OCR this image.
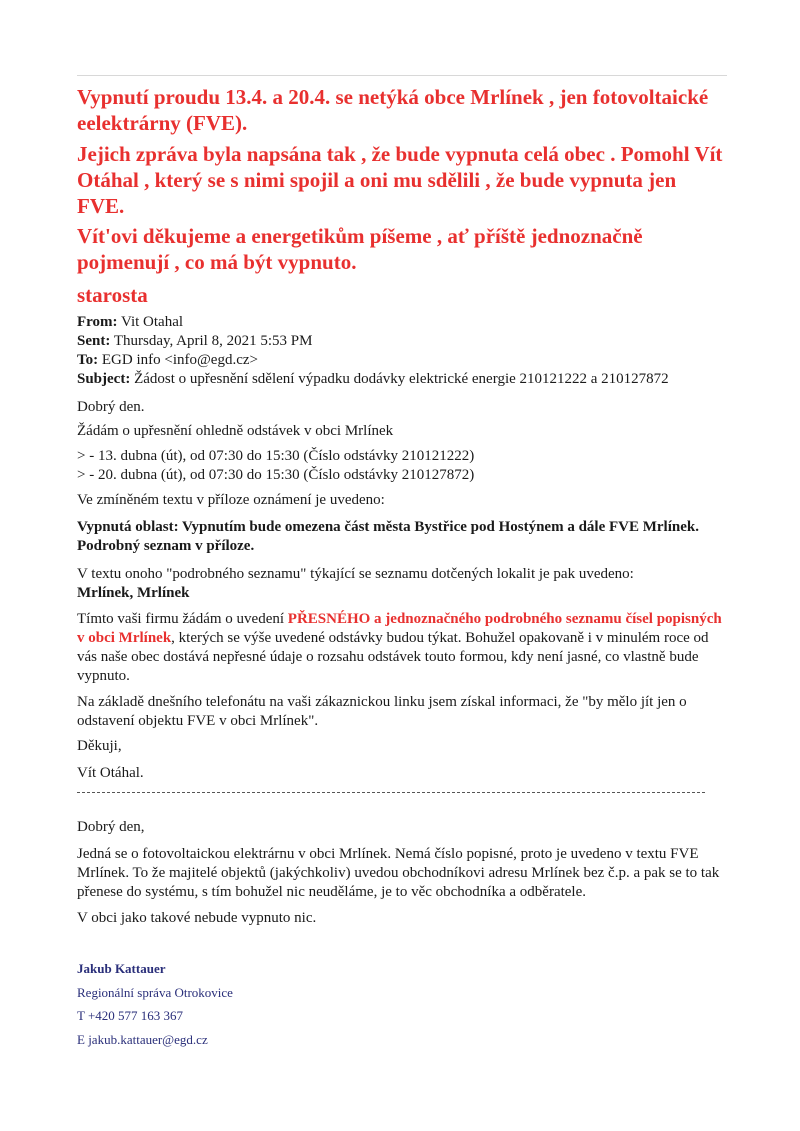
Vypnutí proudu 13.4. a 20.4. se netýká obce Mrlínek , jen fotovoltaické eelektrárny (FVE).

Jejich zpráva byla napsána tak , že bude vypnuta celá obec . Pomohl Vít Otáhal , který se s nimi spojil a oni mu sdělili , že bude vypnuta jen FVE.

Vít'ovi děkujeme a energetikům píšeme , ať příště jednoznačně pojmenují , co má být vypnuto.

starosta

From: Vit Otahal

Sent: Thursday, April 8, 2021 5:53 PM

To: EGD info <info@egd.cz>

Subject: Žádost o upřesnění sdělení výpadku dodávky elektrické energie 210121222 a 210127872

Dobrý den.

Žádám o upřesnění ohledně odstávek v obci Mrlínek

> - 13. dubna (út), od 07:30 do 15:30 (Číslo odstávky 210121222)

> - 20. dubna (út), od 07:30 do 15:30 (Číslo odstávky 210127872)

Ve zmíněném textu v příloze oznámení je uvedeno:

Vypnutá oblast: Vypnutím bude omezena část města Bystřice pod Hostýnem a dále FVE Mrlínek. Podrobný seznam v příloze.

V textu onoho "podrobného seznamu" týkající se seznamu dotčených lokalit je pak uvedeno:

Mrlínek, Mrlínek

Tímto vaši firmu žádám o uvedení PŘESNÉHO a jednoznačného podrobného seznamu čísel popisných v obci Mrlínek, kterých se výše uvedené odstávky budou týkat. Bohužel opakovaně i v minulém roce od vás naše obec dostává nepřesné údaje o rozsahu odstávek touto formou, kdy není jasné, co vlastně bude vypnuto.

Na základě dnešního telefonátu na vaši zákaznickou linku jsem získal informaci, že "by mělo jít jen o odstavení objektu FVE v obci Mrlínek".

Děkuji,

Vít Otáhal.

Dobrý den,

Jedná se o fotovoltaickou elektrárnu v obci Mrlínek. Nemá číslo popisné, proto je uvedeno v textu FVE Mrlínek. To že majitelé objektů (jakýchkoliv) uvedou obchodníkovi adresu Mrlínek bez č.p. a pak se to tak přenese do systému, s tím bohužel nic neuděláme, je to věc obchodníka a odběratele.

V obci jako takové nebude vypnuto nic.

Jakub Kattauer

Regionální správa Otrokovice

T +420 577 163 367

E jakub.kattauer@egd.cz
